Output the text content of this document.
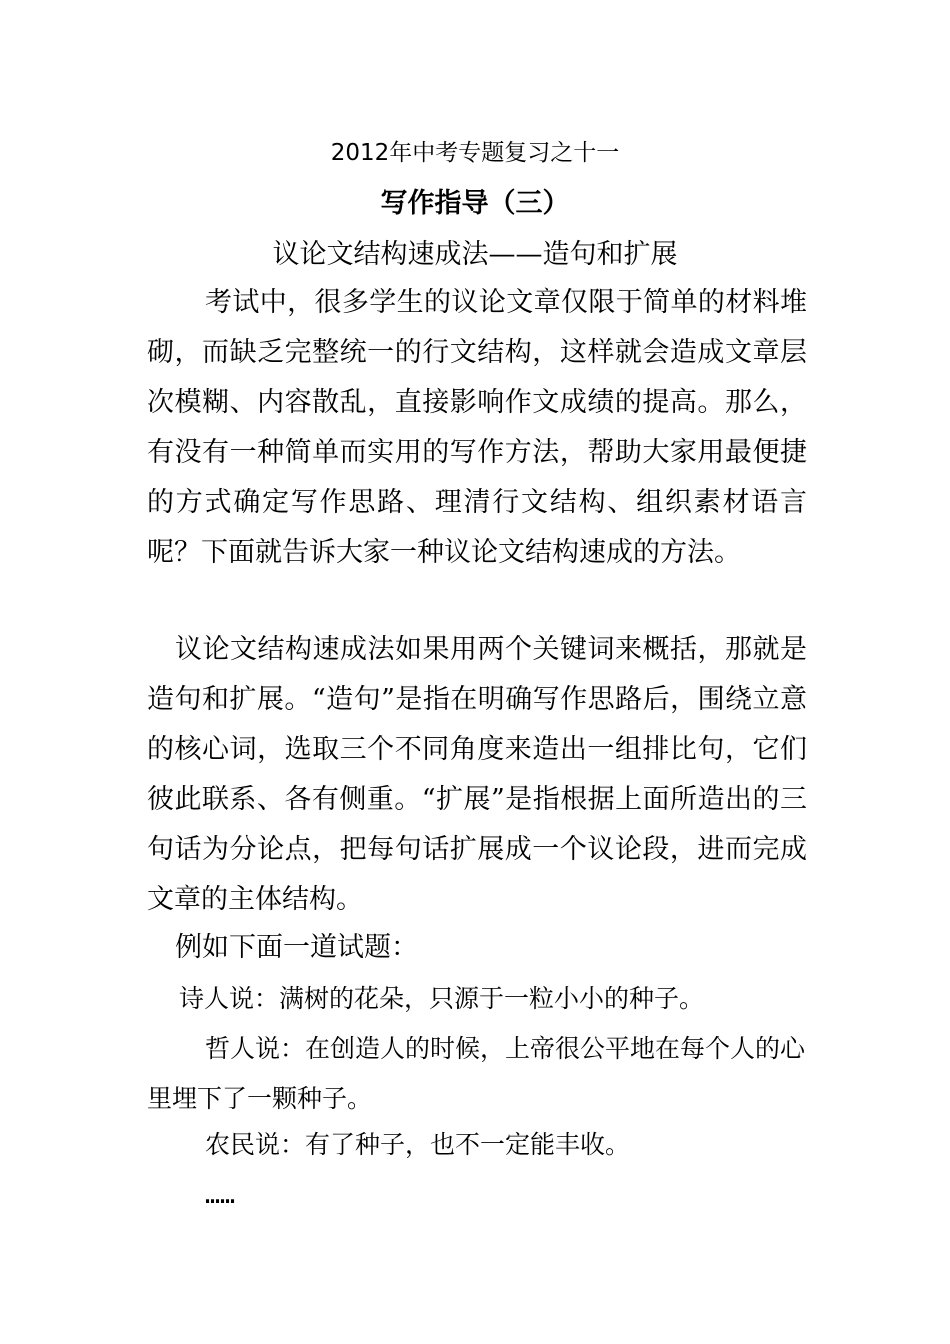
2012年中考专题复习之十一
写作指导（三）
议论文结构速成法——造句和扩展

考试中，很多学生的议论文章仅限于简单的材料堆砌，而缺乏完整统一的行文结构，这样就会造成文章层次模糊、内容散乱，直接影响作文成绩的提高。那么，有没有一种简单而实用的写作方法，帮助大家用最便捷的方式确定写作思路、理清行文结构、组织素材语言呢？下面就告诉大家一种议论文结构速成的方法。

议论文结构速成法如果用两个关键词来概括，那就是造句和扩展。“造句”是指在明确写作思路后，围绕立意的核心词，选取三个不同角度来造出一组排比句，它们彼此联系、各有侧重。“扩展”是指根据上面所造出的三句话为分论点，把每句话扩展成一个议论段，进而完成文章的主体结构。

例如下面一道试题：

诗人说：满树的花朵，只源于一粒小小的种子。

哲人说：在创造人的时候，上帝很公平地在每个人的心里埋下了一颗种子。

农民说：有了种子，也不一定能丰收。

……
